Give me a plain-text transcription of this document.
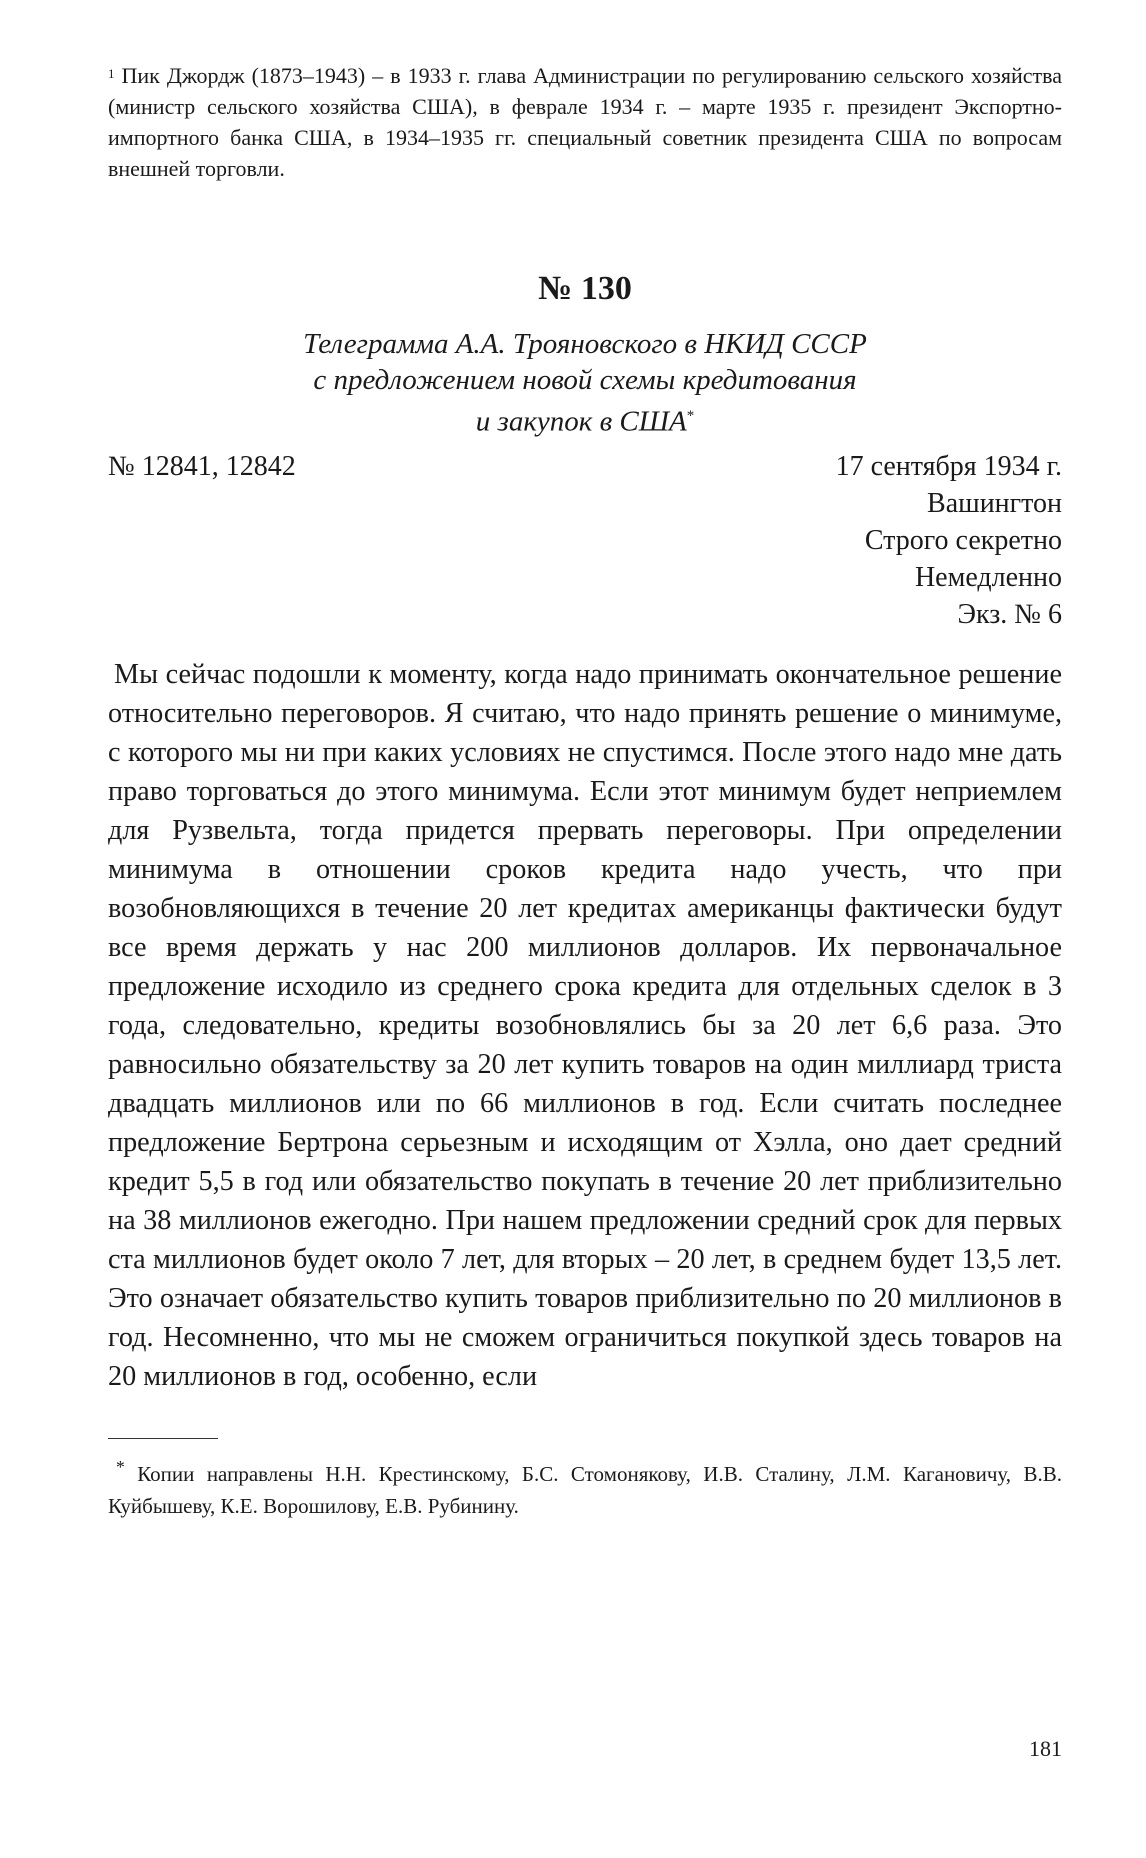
$^1$ Пик Джордж (1873–1943) – в 1933 г. глава Администрации по регулированию сельского хозяйства (министр сельского хозяйства США), в феврале 1934 г. – марте 1935 г. президент Экспортно-импортного банка США, в 1934–1935 гг. специальный советник президента США по вопросам внешней торговли.

№ 130

Телеграмма А.А. Трояновского в НКИД СССР
с предложением новой схемы кредитования
и закупок в США*

№ 12841, 12842	17 сентября 1934 г.
Вашингтон
Строго секретно
Немедленно
Экз. № 6

Мы сейчас подошли к моменту, когда надо принимать окончательное решение относительно переговоров. Я считаю, что надо принять решение о минимуме, с которого мы ни при каких условиях не спустимся. После этого надо мне дать право торговаться до этого минимума. Если этот минимум будет неприемлем для Рузвельта, тогда придется прервать переговоры. При определении минимума в отношении сроков кредита надо учесть, что при возобновляющихся в течение 20 лет кредитах американцы фактически будут все время держать у нас 200 миллионов долларов. Их первоначальное предложение исходило из среднего срока кредита для отдельных сделок в 3 года, следовательно, кредиты возобновлялись бы за 20 лет 6,6 раза. Это равносильно обязательству за 20 лет купить товаров на один миллиард триста двадцать миллионов или по 66 миллионов в год. Если считать последнее предложение Бертрона серьезным и исходящим от Хэлла, оно дает средний кредит 5,5 в год или обязательство покупать в течение 20 лет приблизительно на 38 миллионов ежегодно. При нашем предложении средний срок для первых ста миллионов будет около 7 лет, для вторых – 20 лет, в среднем будет 13,5 лет. Это означает обязательство купить товаров приблизительно по 20 миллионов в год. Несомненно, что мы не сможем ограничиться покупкой здесь товаров на 20 миллионов в год, особенно, если

* Копии направлены Н.Н. Крестинскому, Б.С. Стомонякову, И.В. Сталину, Л.М. Кагановичу, В.В. Куйбышеву, К.Е. Ворошилову, Е.В. Рубинину.

181
